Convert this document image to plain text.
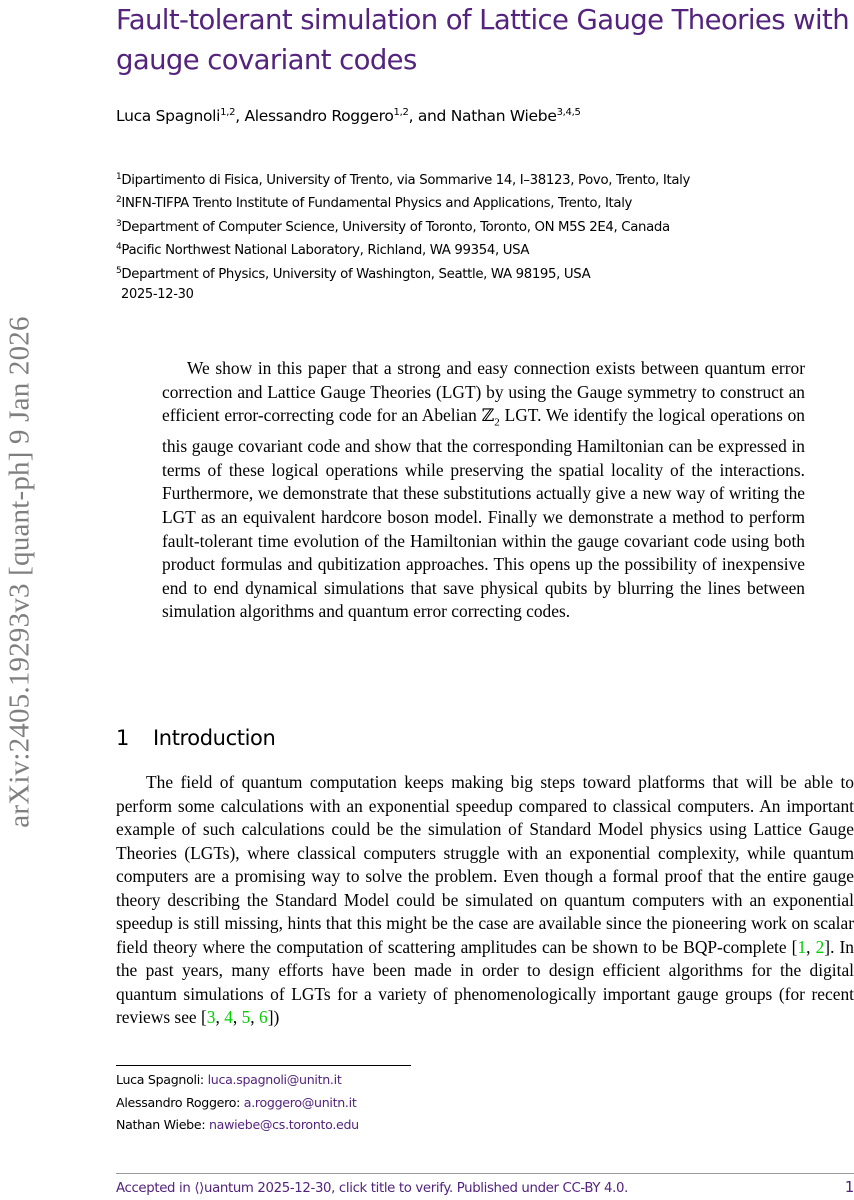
arXiv:2405.19293v3 [quant-ph] 9 Jan 2026
Fault-tolerant simulation of Lattice Gauge Theories with gauge covariant codes
Luca Spagnoli$^{1,2}$, Alessandro Roggero$^{1,2}$, and Nathan Wiebe$^{3,4,5}$
$^1$Dipartimento di Fisica, University of Trento, via Sommarive 14, I–38123, Povo, Trento, Italy
$^2$INFN-TIFPA Trento Institute of Fundamental Physics and Applications, Trento, Italy
$^3$Department of Computer Science, University of Toronto, Toronto, ON M5S 2E4, Canada
$^4$Pacific Northwest National Laboratory, Richland, WA 99354, USA
$^5$Department of Physics, University of Washington, Seattle, WA 98195, USA
2025-12-30

We show in this paper that a strong and easy connection exists between quantum error correction and Lattice Gauge Theories (LGT) by using the Gauge symmetry to construct an efficient error-correcting code for an Abelian ℤ$_2$ LGT. We identify the logical operations on this gauge covariant code and show that the corresponding Hamiltonian can be expressed in terms of these logical operations while preserving the spatial locality of the interactions. Furthermore, we demonstrate that these substitutions actually give a new way of writing the LGT as an equivalent hardcore boson model. Finally we demonstrate a method to perform fault-tolerant time evolution of the Hamiltonian within the gauge covariant code using both product formulas and qubitization approaches. This opens up the possibility of inexpensive end to end dynamical simulations that save physical qubits by blurring the lines between simulation algorithms and quantum error correcting codes.

1 Introduction

The field of quantum computation keeps making big steps toward platforms that will be able to perform some calculations with an exponential speedup compared to classical computers. An important example of such calculations could be the simulation of Standard Model physics using Lattice Gauge Theories (LGTs), where classical computers struggle with an exponential complexity, while quantum computers are a promising way to solve the problem. Even though a formal proof that the entire gauge theory describing the Standard Model could be simulated on quantum computers with an exponential speedup is still missing, hints that this might be the case are available since the pioneering work on scalar field theory where the computation of scattering amplitudes can be shown to be BQP-complete [1, 2]. In the past years, many efforts have been made in order to design efficient algorithms for the digital quantum simulations of LGTs for a variety of phenomenologically important gauge groups (for recent reviews see [3, 4, 5, 6])

Luca Spagnoli: luca.spagnoli@unitn.it
Alessandro Roggero: a.roggero@unitn.it
Nathan Wiebe: nawiebe@cs.toronto.edu
Accepted in ⟨⟩uantum 2025-12-30, click title to verify. Published under CC-BY 4.0.	1
